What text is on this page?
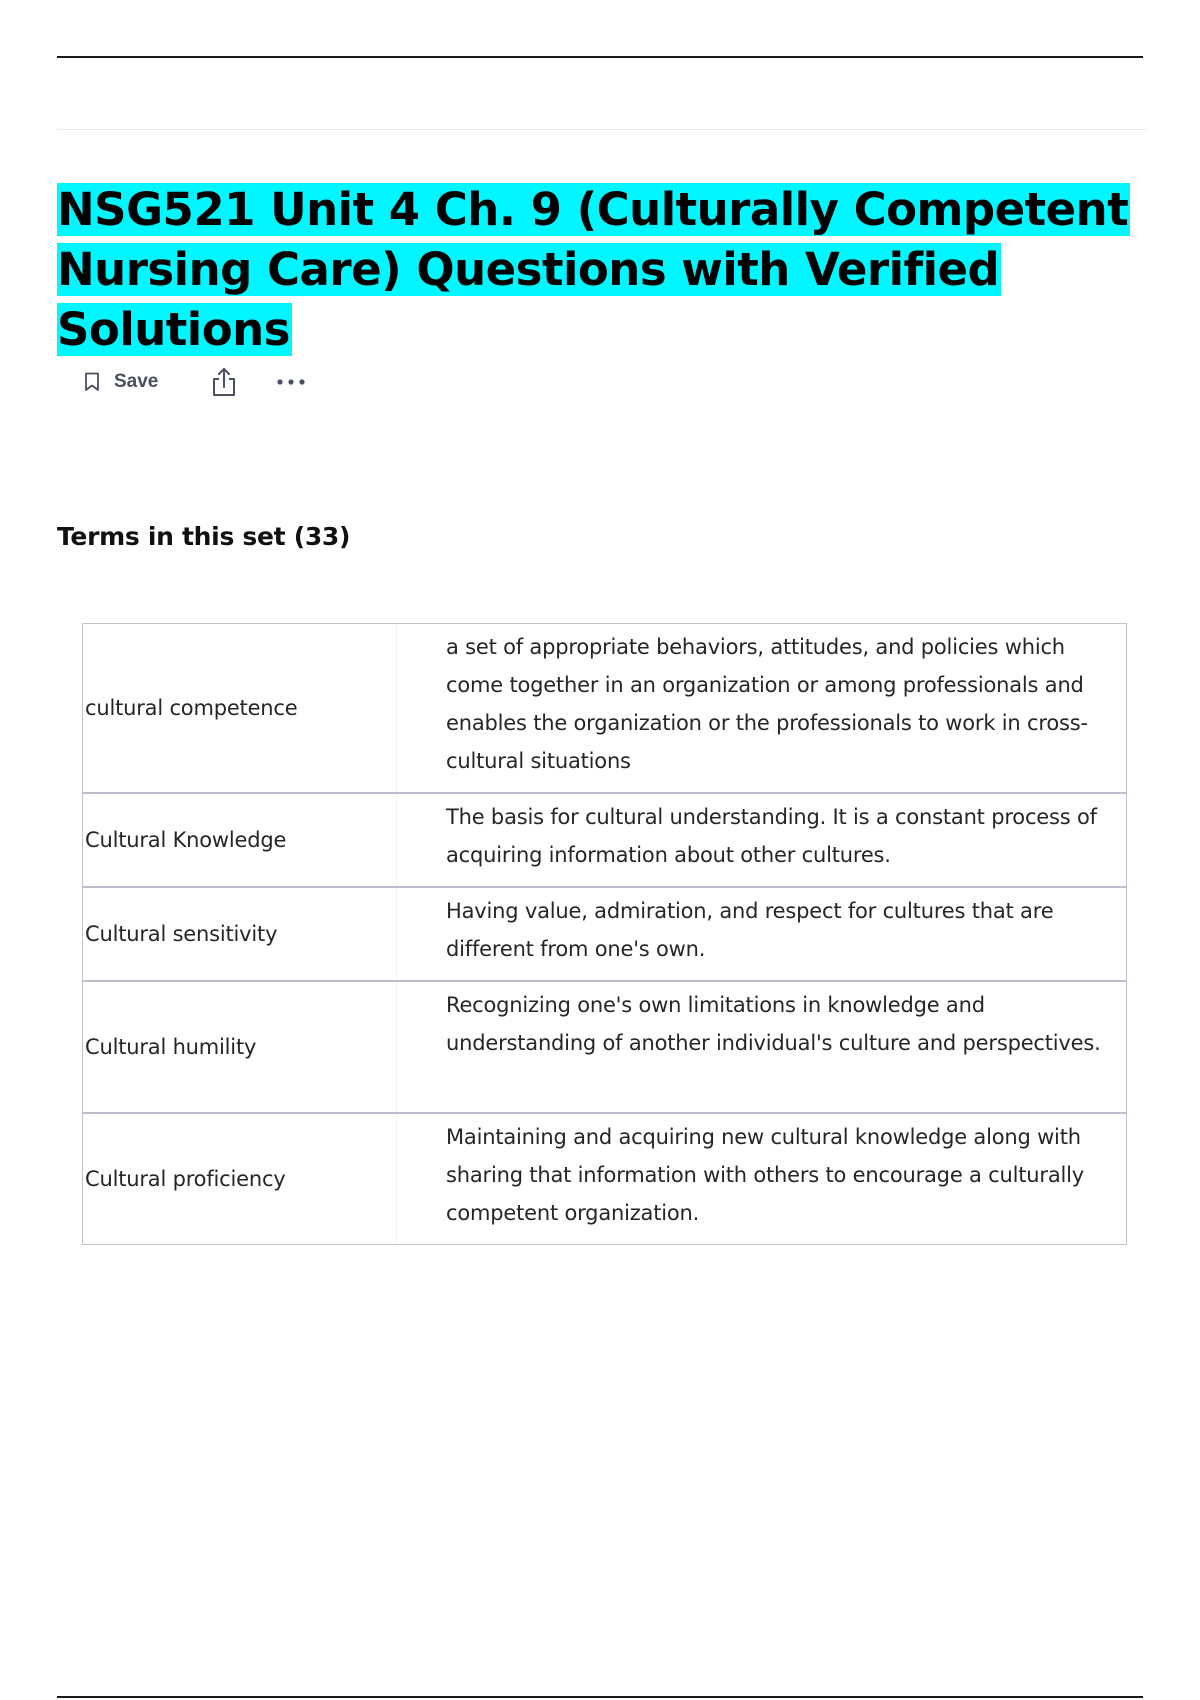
NSG521 Unit 4 Ch. 9 (Culturally Competent Nursing Care) Questions with Verified Solutions
Save
Terms in this set (33)
cultural competence
a set of appropriate behaviors, attitudes, and policies which come together in an organization or among professionals and enables the organization or the professionals to work in cross-cultural situations
Cultural Knowledge
The basis for cultural understanding. It is a constant process of acquiring information about other cultures.
Cultural sensitivity
Having value, admiration, and respect for cultures that are different from one's own.
Cultural humility
Recognizing one's own limitations in knowledge and understanding of another individual's culture and perspectives.
Cultural proficiency
Maintaining and acquiring new cultural knowledge along with sharing that information with others to encourage a culturally competent organization.
